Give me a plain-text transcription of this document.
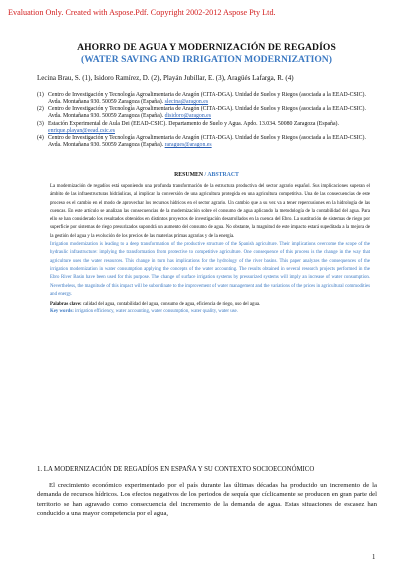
Evaluation Only. Created with Aspose.Pdf. Copyright 2002-2012 Aspose Pty Ltd.
AHORRO DE AGUA Y MODERNIZACIÓN DE REGADÍOS
(WATER SAVING AND IRRIGATION MODERNIZATION)
Lecina Brau, S. (1), Isidoro Ramírez, D. (2), Playán Jubillar, E. (3), Aragüés Lafarga, R. (4)
(1) Centro de Investigación y Tecnología Agroalimentaria de Aragón (CITA-DGA). Unidad de Suelos y Riegos (asociada a la EEAD-CSIC). Avda. Montañana 930. 50059 Zaragoza (España). slecina@aragon.es
(2) Centro de Investigación y Tecnología Agroalimentaria de Aragón (CITA-DGA). Unidad de Suelos y Riegos (asociada a la EEAD-CSIC). Avda. Montañana 930. 50059 Zaragoza (España). disidoro@aragon.es
(3) Estación Experimental de Aula Dei (EEAD-CSIC). Departamento de Suelo y Agua. Apdo. 13.034. 50080 Zaragoza (España). enrique.playan@eead.csic.es
(4) Centro de Investigación y Tecnología Agroalimentaria de Aragón (CITA-DGA). Unidad de Suelos y Riegos (asociada a la EEAD-CSIC). Avda. Montañana 930. 50059 Zaragoza (España). raragues@aragon.es
RESUMEN / ABSTRACT

La modernización de regadíos está suponiendo una profunda transformación de la estructura productiva del sector agrario español. Sus implicaciones superan el ámbito de las infraestructuras hidráulicas, al implicar la conversión de una agricultura protegida en una agricultura competitiva. Una de las consecuencias de este proceso es el cambio en el modo de aprovechar los recursos hídricos en el sector agrario. Un cambio que a su vez va a tener repercusiones en la hidrología de las cuencas. En este artículo se analizan las consecuencias de la modernización sobre el consumo de agua aplicando la metodología de la contabilidad del agua. Para ello se han considerado los resultados obtenidos en distintos proyectos de investigación desarrollados en la cuenca del Ebro. La sustitución de sistemas de riego por superficie por sistemas de riego presurizados supondrá un aumento del consumo de agua. No obstante, la magnitud de este impacto estará supeditada a la mejora de la gestión del agua y la evolución de los precios de las materias primas agrarias y de la energía.

Irrigation modernization is leading to a deep transformation of the productive structure of the Spanish agriculture. Their implications overcome the scope of the hydraulic infrastructure: implying the transformation from protective to competitive agriculture. One consequence of this process is the change in the way that agriculture uses the water resources. This change in turn has implications for the hydrology of the river basins. This paper analyzes the consequences of the irrigation modernization in water consumption applying the concepts of the water accounting. The results obtained in several research projects performed in the Ebro River Basin have been used for this purpose. The change of surface irrigation systems by pressurized systems will imply an increase of water consumption. Nevertheless, the magnitude of this impact will be subordinate to the improvement of water management and the variations of the prices in agricultural commodities and energy.

Palabras clave: calidad del agua, contabilidad del agua, consumo de agua, eficiencia de riego, uso del agua.

Key words: irrigation efficiency, water accounting, water consumption, water quality, water use.

1. LA MODERNIZACIÓN DE REGADÍOS EN ESPAÑA Y SU CONTEXTO SOCIOECONÓMICO

El crecimiento económico experimentado por el país durante las últimas décadas ha producido un incremento de la demanda de recursos hídricos. Los efectos negativos de los periodos de sequía que cíclicamente se producen en gran parte del territorio se han agravado como consecuencia del incremento de la demanda de agua. Estas situaciones de escasez han conducido a una mayor competencia por el agua,

1
